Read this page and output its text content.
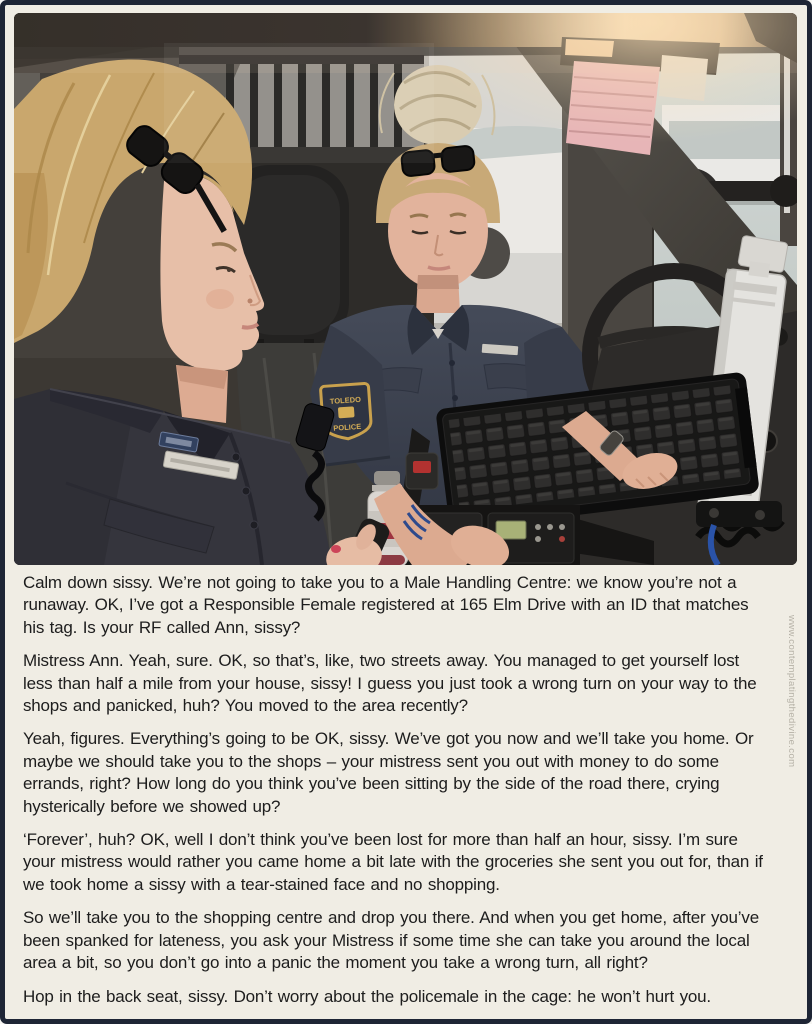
TOLEDO
POLICE

Calm down sissy. We’re not going to take you to a Male Handling Centre: we know you’re not a runaway. OK, I’ve got a Responsible Female registered at 165 Elm Drive with an ID that matches his tag. Is your RF called Ann, sissy?

Mistress Ann. Yeah, sure. OK, so that’s, like, two streets away. You managed to get yourself lost less than half a mile from your house, sissy! I guess you just took a wrong turn on your way to the shops and panicked, huh? You moved to the area recently?

Yeah, figures. Everything’s going to be OK, sissy. We’ve got you now and we’ll take you home. Or maybe we should take you to the shops – your mistress sent you out with money to do some errands, right? How long do you think you’ve been sitting by the side of the road there, crying hysterically before we showed up?

‘Forever’, huh? OK, well I don’t think you’ve been lost for more than half an hour, sissy. I’m sure your mistress would rather you came home a bit late with the groceries she sent you out for, than if we took home a sissy with a tear-stained face and no shopping.

So we’ll take you to the shopping centre and drop you there. And when you get home, after you’ve been spanked for lateness, you ask your Mistress if some time she can take you around the local area a bit, so you don’t go into a panic the moment you take a wrong turn, all right?

Hop in the back seat, sissy. Don’t worry about the policemale in the cage: he won’t hurt you.

www.contemplatingthedivine.com
